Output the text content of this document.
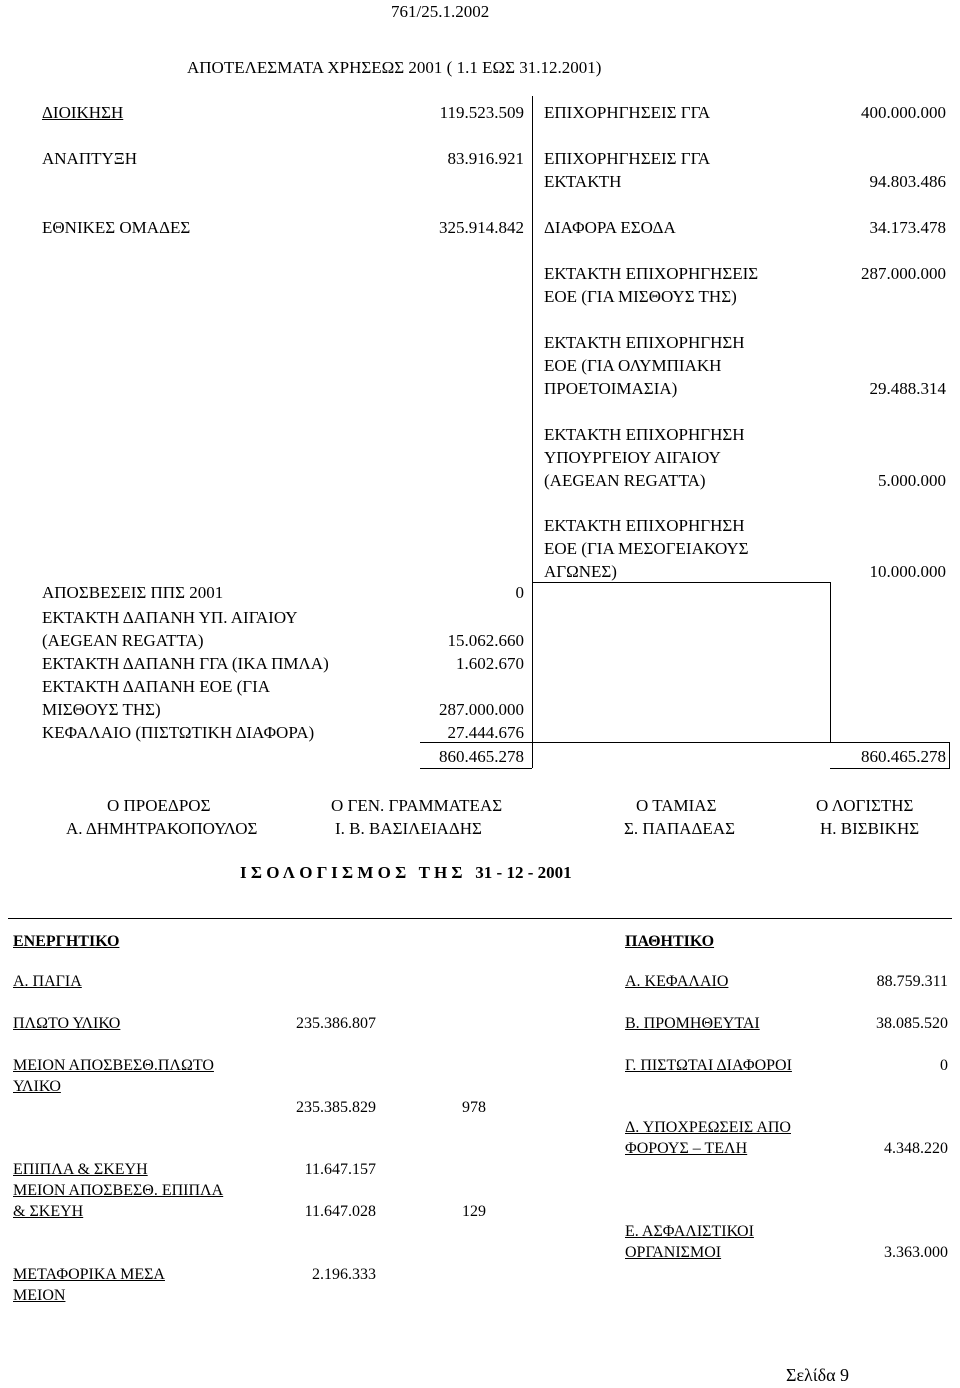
761/25.1.2002
ΑΠΟΤΕΛΕΣΜΑΤΑ ΧΡΗΣΕΩΣ 2001 ( 1.1 ΕΩΣ 31.12.2001)
ΔΙΟΙΚΗΣΗ	119.523.509
ΑΝΑΠΤΥΞΗ	83.916.921
ΕΘΝΙΚΕΣ ΟΜΑΔΕΣ	325.914.842
ΑΠΟΣΒΕΣΕΙΣ ΠΠΣ 2001	0
ΕΚΤΑΚΤΗ ΔΑΠΑΝΗ ΥΠ. ΑΙΓΑΙΟΥ
(AEGEAN REGATTA)	15.062.660
ΕΚΤΑΚΤΗ ΔΑΠΑΝΗ ΓΓΑ (ΙΚΑ ΠΜΛΑ)	1.602.670
ΕΚΤΑΚΤΗ ΔΑΠΑΝΗ ΕΟΕ (ΓΙΑ
ΜΙΣΘΟΥΣ ΤΗΣ)	287.000.000
ΚΕΦΑΛΑΙΟ (ΠΙΣΤΩΤΙΚΗ ΔΙΑΦΟΡΑ)	27.444.676
860.465.278
ΕΠΙΧΟΡΗΓΗΣΕΙΣ ΓΓΑ	400.000.000
ΕΠΙΧΟΡΗΓΗΣΕΙΣ ΓΓΑ
ΕΚΤΑΚΤΗ	94.803.486
ΔΙΑΦΟΡΑ ΕΣΟΔΑ	34.173.478
ΕΚΤΑΚΤΗ ΕΠΙΧΟΡΗΓΗΣΕΙΣ
ΕΟΕ (ΓΙΑ ΜΙΣΘΟΥΣ ΤΗΣ)
287.000.000
ΕΚΤΑΚΤΗ ΕΠΙΧΟΡΗΓΗΣΗ
ΕΟΕ (ΓΙΑ ΟΛΥΜΠΙΑΚΗ
ΠΡΟΕΤΟΙΜΑΣΙΑ)	29.488.314
ΕΚΤΑΚΤΗ ΕΠΙΧΟΡΗΓΗΣΗ
ΥΠΟΥΡΓΕΙΟΥ ΑΙΓΑΙΟΥ
(AEGEAN REGATTA)	5.000.000
ΕΚΤΑΚΤΗ ΕΠΙΧΟΡΗΓΗΣΗ
ΕΟΕ (ΓΙΑ ΜΕΣΟΓΕΙΑΚΟΥΣ
ΑΓΩΝΕΣ)	10.000.000
860.465.278
Ο ΠΡΟΕΔΡΟΣ
Α. ΔΗΜΗΤΡΑΚΟΠΟΥΛΟΣ
Ο ΓΕΝ. ΓΡΑΜΜΑΤΕΑΣ
Ι. Β. ΒΑΣΙΛΕΙΑΔΗΣ
Ο ΤΑΜΙΑΣ
Σ. ΠΑΠΑΔΕΑΣ
Ο ΛΟΓΙΣΤΗΣ
Η. ΒΙΣΒΙΚΗΣ
Ι Σ Ο Λ Ο Γ Ι Σ Μ Ο Σ   Τ Η Σ   31 - 12 - 2001
ΕΝΕΡΓΗΤΙΚΟ	ΠΑΘΗΤΙΚΟ
Α. ΠΑΓΙΑ
ΠΛΩΤΟ ΥΛΙΚΟ	235.386.807
ΜΕΙΟΝ ΑΠΟΣΒΕΣΘ.ΠΛΩΤΟ
ΥΛΙΚΟ
235.385.829	978
ΕΠΙΠΛΑ & ΣΚΕΥΗ	11.647.157
ΜΕΙΟΝ ΑΠΟΣΒΕΣΘ. ΕΠΙΠΛΑ
& ΣΚΕΥΗ	11.647.028	129
ΜΕΤΑΦΟΡΙΚΑ ΜΕΣΑ	2.196.333
ΜΕΙΟΝ
Α. ΚΕΦΑΛΑΙΟ	88.759.311
Β. ΠΡΟΜΗΘΕΥΤΑΙ	38.085.520
Γ. ΠΙΣΤΩΤΑΙ ΔΙΑΦΟΡΟΙ	0
Δ. ΥΠΟΧΡΕΩΣΕΙΣ ΑΠΟ
ΦΟΡΟΥΣ – ΤΕΛΗ	4.348.220
Ε. ΑΣΦΑΛΙΣΤΙΚΟΙ
ΟΡΓΑΝΙΣΜΟΙ	3.363.000
Σελίδα 9
